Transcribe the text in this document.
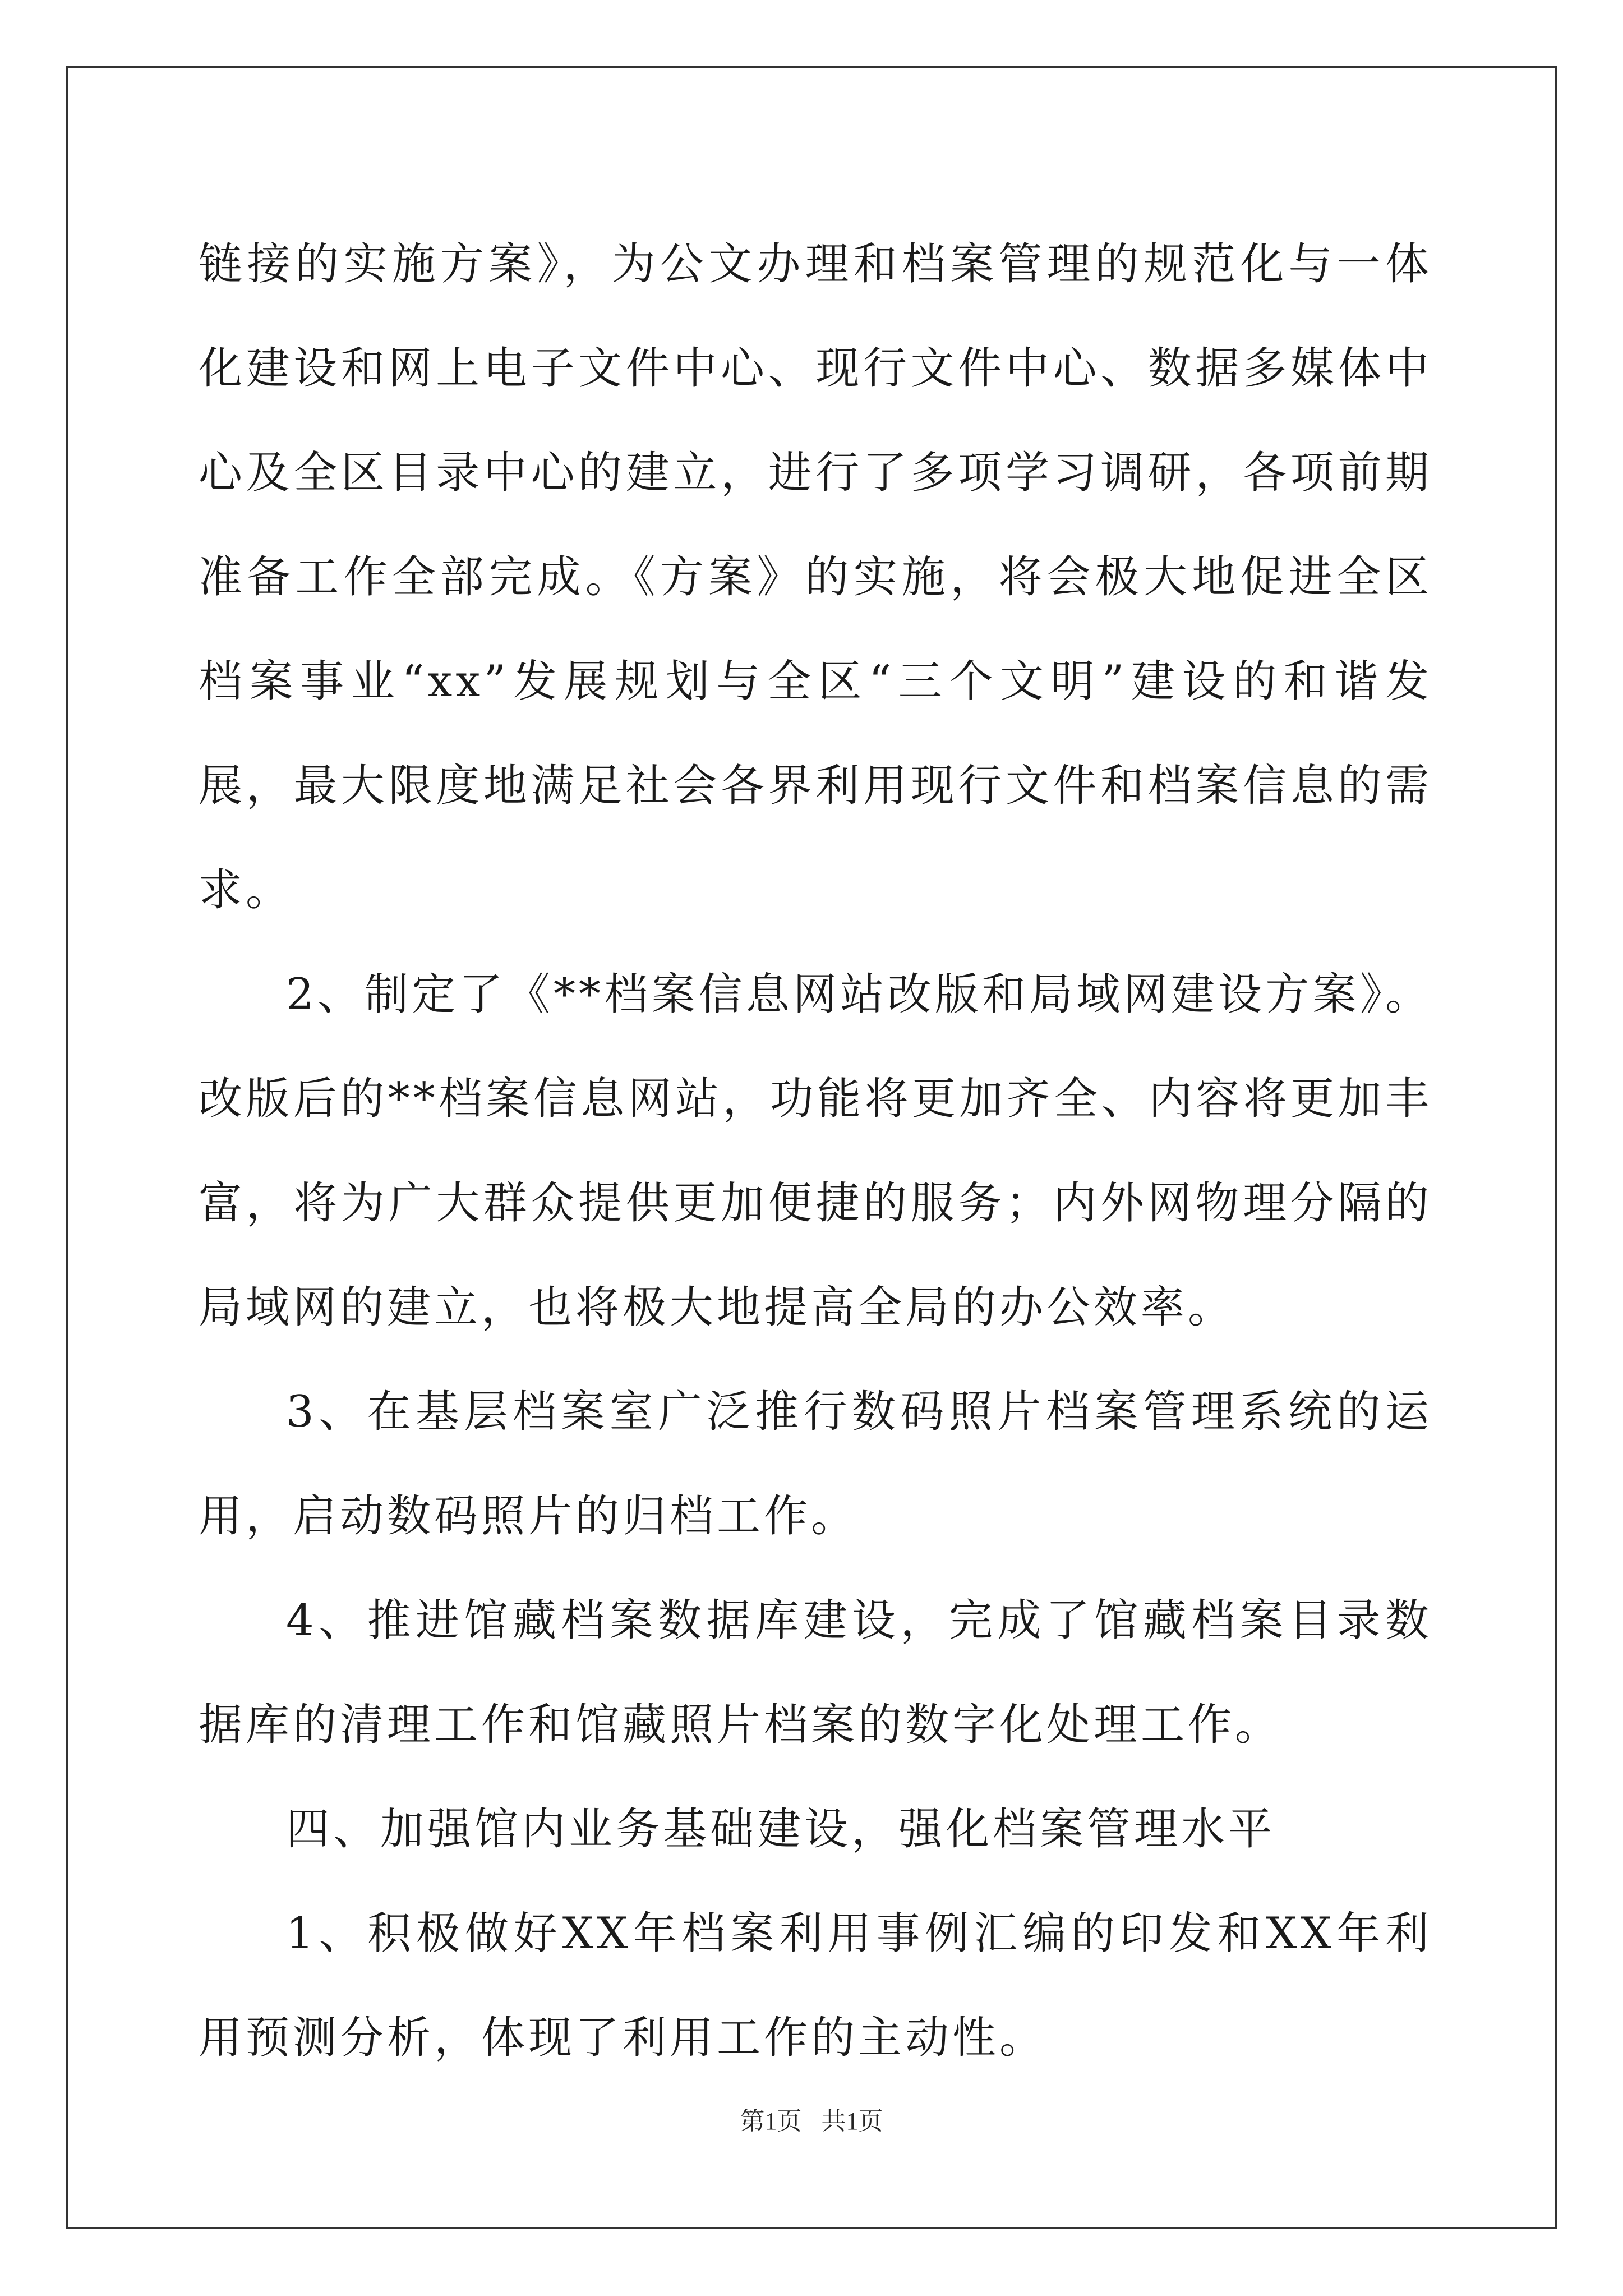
链接的实施方案》，为公文办理和档案管理的规范化与一体化建设和网上电子文件中心、现行文件中心、数据多媒体中心及全区目录中心的建立，进行了多项学习调研，各项前期准备工作全部完成。《方案》的实施，将会极大地促进全区档案事业“xx”发展规划与全区“三个文明”建设的和谐发展，最大限度地满足社会各界利用现行文件和档案信息的需求。

2、制定了《**档案信息网站改版和局域网建设方案》。改版后的**档案信息网站，功能将更加齐全、内容将更加丰富，将为广大群众提供更加便捷的服务；内外网物理分隔的局域网的建立，也将极大地提高全局的办公效率。

3、在基层档案室广泛推行数码照片档案管理系统的运用，启动数码照片的归档工作。

4、推进馆藏档案数据库建设，完成了馆藏档案目录数据库的清理工作和馆藏照片档案的数字化处理工作。

四、加强馆内业务基础建设，强化档案管理水平

1、积极做好XX年档案利用事例汇编的印发和XX年利用预测分析，体现了利用工作的主动性。

第1页 共1页
